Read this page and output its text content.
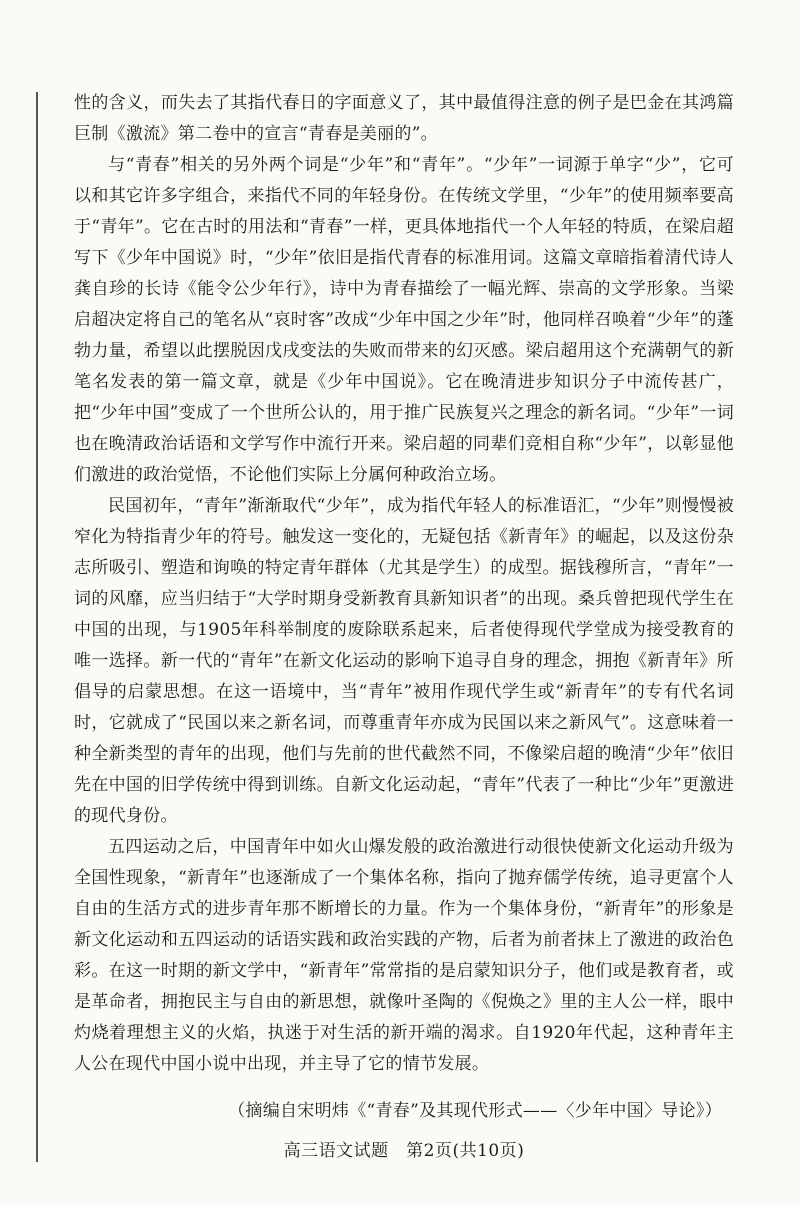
性的含义，而失去了其指代春日的字面意义了，其中最值得注意的例子是巴金在其鸿篇巨制《激流》第二卷中的宣言“青春是美丽的”。

与“青春”相关的另外两个词是“少年”和“青年”。“少年”一词源于单字“少”，它可以和其它许多字组合，来指代不同的年轻身份。在传统文学里，“少年”的使用频率要高于“青年”。它在古时的用法和“青春”一样，更具体地指代一个人年轻的特质，在梁启超写下《少年中国说》时，“少年”依旧是指代青春的标准用词。这篇文章暗指着清代诗人龚自珍的长诗《能令公少年行》，诗中为青春描绘了一幅光辉、崇高的文学形象。当梁启超决定将自己的笔名从“哀时客”改成“少年中国之少年”时，他同样召唤着“少年”的蓬勃力量，希望以此摆脱因戊戌变法的失败而带来的幻灭感。梁启超用这个充满朝气的新笔名发表的第一篇文章，就是《少年中国说》。它在晚清进步知识分子中流传甚广，把“少年中国”变成了一个世所公认的，用于推广民族复兴之理念的新名词。“少年”一词也在晚清政治话语和文学写作中流行开来。梁启超的同辈们竞相自称“少年”，以彰显他们激进的政治觉悟，不论他们实际上分属何种政治立场。

民国初年，“青年”渐渐取代“少年”，成为指代年轻人的标准语汇，“少年”则慢慢被窄化为特指青少年的符号。触发这一变化的，无疑包括《新青年》的崛起，以及这份杂志所吸引、塑造和询唤的特定青年群体（尤其是学生）的成型。据钱穆所言，“青年”一词的风靡，应当归结于“大学时期身受新教育具新知识者”的出现。桑兵曾把现代学生在中国的出现，与1905年科举制度的废除联系起来，后者使得现代学堂成为接受教育的唯一选择。新一代的“青年”在新文化运动的影响下追寻自身的理念，拥抱《新青年》所倡导的启蒙思想。在这一语境中，当“青年”被用作现代学生或“新青年”的专有代名词时，它就成了“民国以来之新名词，而尊重青年亦成为民国以来之新风气”。这意味着一种全新类型的青年的出现，他们与先前的世代截然不同，不像梁启超的晚清“少年”依旧先在中国的旧学传统中得到训练。自新文化运动起，“青年”代表了一种比“少年”更激进的现代身份。

五四运动之后，中国青年中如火山爆发般的政治激进行动很快使新文化运动升级为全国性现象，“新青年”也逐渐成了一个集体名称，指向了抛弃儒学传统，追寻更富个人自由的生活方式的进步青年那不断增长的力量。作为一个集体身份，“新青年”的形象是新文化运动和五四运动的话语实践和政治实践的产物，后者为前者抹上了激进的政治色彩。在这一时期的新文学中，“新青年”常常指的是启蒙知识分子，他们或是教育者，或是革命者，拥抱民主与自由的新思想，就像叶圣陶的《倪焕之》里的主人公一样，眼中灼烧着理想主义的火焰，执迷于对生活的新开端的渴求。自1920年代起，这种青年主人公在现代中国小说中出现，并主导了它的情节发展。

（摘编自宋明炜《“青春”及其现代形式——〈少年中国〉导论》）

高三语文试题　第2页(共10页)
